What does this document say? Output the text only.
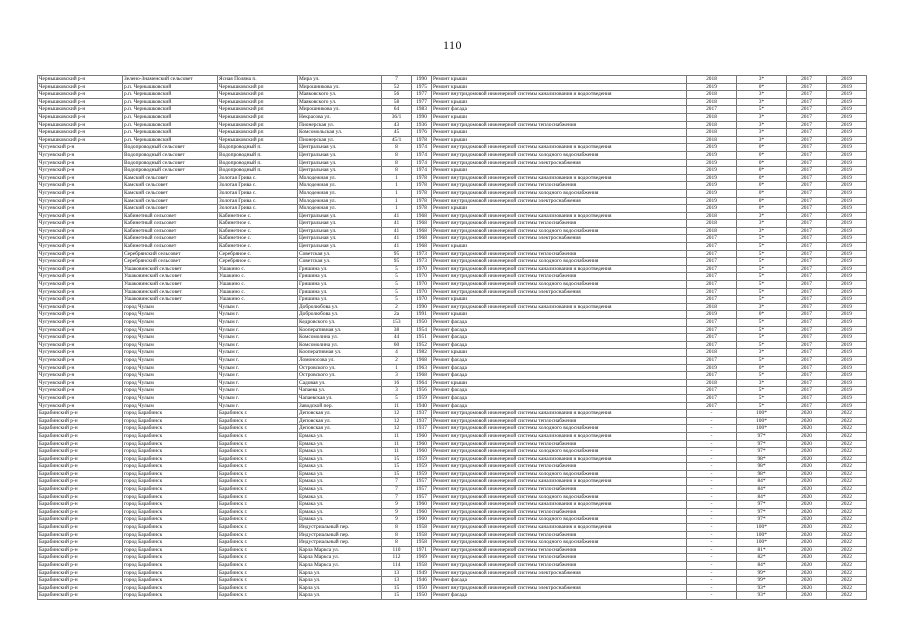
110
Чернышковский р-н	Зелено-Знаменский сельсовет	Ясная Поляна п.	Мира ул.	7	1990	Ремонт крыши	2018	3*	2017	2019
Чернышковский р-н	р.п. Чернышковский	Чернышковский рп	Мирошникова ул.	52	1975	Ремонт крыши	2019	0*	2017	2019
Чернышковский р-н	р.п. Чернышковский	Чернышковский рп	Маяковского ул.	56	1977	Ремонт внутридомовой инженерной системы канализования и водоотведения	2018	3*	2017	2019
Чернышковский р-н	р.п. Чернышковский	Чернышковский рп	Маяковского ул.	58	1977	Ремонт крыши	2018	3*	2017	2019
Чернышковский р-н	р.п. Чернышковский	Чернышковский рп	Мирошникова ул.	64	1983	Ремонт фасада	2017	5*	2017	2019
Чернышковский р-н	р.п. Чернышковский	Чернышковский рп	Некрасова ул.	36/1	1990	Ремонт крыши	2018	3*	2017	2019
Чернышковский р-н	р.п. Чернышковский	Чернышковский рп	Пионерская ул.	43	1936	Ремонт внутридомовой инженерной системы теплоснабжения	2018	3*	2017	2019
Чернышковский р-н	р.п. Чернышковский	Чернышковский рп	Комсомольская ул.	45	1976	Ремонт крыши	2018	3*	2017	2019
Чернышковский р-н	р.п. Чернышковский	Чернышковский рп	Пионерская ул.	45/1	1978	Ремонт крыши	2018	3*	2017	2019
Чугуевский р-н	Водопроводный сельсовет	Водопроводный п.	Центральная ул.	8	1974	Ремонт внутридомовой инженерной системы канализования и водоотведения	2019	0*	2017	2019
Чугуевский р-н	Водопроводный сельсовет	Водопроводный п.	Центральная ул.	8	1974	Ремонт внутридомовой инженерной системы холодного водоснабжения	2019	0*	2017	2019
Чугуевский р-н	Водопроводный сельсовет	Водопроводный п.	Центральная ул.	8	1974	Ремонт внутридомовой инженерной системы электроснабжения	2019	0*	2017	2019
Чугуевский р-н	Водопроводный сельсовет	Водопроводный п.	Центральная ул.	8	1974	Ремонт крыши	2019	0*	2017	2019
Чугуевский р-н	Камский сельсовет	Золотая Грива с.	Молодежная ул.	1	1978	Ремонт внутридомовой инженерной системы канализования и водоотведения	2019	0*	2017	2019
Чугуевский р-н	Камский сельсовет	Золотая Грива с.	Молодежная ул.	1	1978	Ремонт внутридомовой инженерной системы теплоснабжения	2019	0*	2017	2019
Чугуевский р-н	Камский сельсовет	Золотая Грива с.	Молодежная ул.	1	1978	Ремонт внутридомовой инженерной системы холодного водоснабжения	2019	0*	2017	2019
Чугуевский р-н	Камский сельсовет	Золотая Грива с.	Молодежная ул.	1	1978	Ремонт внутридомовой инженерной системы электроснабжения	2019	0*	2017	2019
Чугуевский р-н	Камский сельсовет	Золотая Грива с.	Молодежная ул.	1	1978	Ремонт крыши	2019	0*	2017	2019
Чугуевский р-н	Кабинетный сельсовет	Кабинетное с.	Центральная ул.	41	1968	Ремонт внутридомовой инженерной системы канализования и водоотведения	2018	3*	2017	2019
Чугуевский р-н	Кабинетный сельсовет	Кабинетное с.	Центральная ул.	41	1968	Ремонт внутридомовой инженерной системы теплоснабжения	2018	3*	2017	2019
Чугуевский р-н	Кабинетный сельсовет	Кабинетное с.	Центральная ул.	41	1968	Ремонт внутридомовой инженерной системы холодного водоснабжения	2018	3*	2017	2019
Чугуевский р-н	Кабинетный сельсовет	Кабинетное с.	Центральная ул.	41	1968	Ремонт внутридомовой инженерной системы электроснабжения	2017	5*	2017	2019
Чугуевский р-н	Кабинетный сельсовет	Кабинетное с.	Центральная ул.	41	1968	Ремонт крыши	2017	5*	2017	2019
Чугуевский р-н	Серебрянский сельсовет	Серебряное с.	Советская ул.	95	1973	Ремонт внутридомовой инженерной системы теплоснабжения	2017	5*	2017	2019
Чугуевский р-н	Серебрянский сельсовет	Серебряное с.	Советская ул.	95	1973	Ремонт внутридомовой инженерной системы холодного водоснабжения	2017	5*	2017	2019
Чугуевский р-н	Ушаковинский сельсовет	Ушакино с.	Гришина ул.	5	1970	Ремонт внутридомовой инженерной системы канализования и водоотведения	2017	5*	2017	2019
Чугуевский р-н	Ушаковинский сельсовет	Ушакино с.	Гришина ул.	5	1970	Ремонт внутридомовой инженерной системы теплоснабжения	2017	5*	2017	2019
Чугуевский р-н	Ушаковинский сельсовет	Ушакино с.	Гришина ул.	5	1970	Ремонт внутридомовой инженерной системы холодного водоснабжения	2017	5*	2017	2019
Чугуевский р-н	Ушаковинский сельсовет	Ушакино с.	Гришина ул.	5	1970	Ремонт внутридомовой инженерной системы электроснабжения	2017	5*	2017	2019
Чугуевский р-н	Ушаковинский сельсовет	Ушакино с.	Гришина ул.	5	1970	Ремонт крыши	2017	5*	2017	2019
Чугуевский р-н	город Чулым	Чулым г.	Добролюбова ул.	2	1990	Ремонт внутридомовой инженерной системы канализования и водоотведения	2018	3*	2017	2019
Чугуевский р-н	город Чулым	Чулым г.	Добролюбова ул.	2а	1991	Ремонт крыши	2019	0*	2017	2019
Чугуевский р-н	город Чулым	Чулым г.	Кедровского ул.	153	1950	Ремонт фасада	2017	5*	2017	2019
Чугуевский р-н	город Чулым	Чулым г.	Кооперативная ул.	38	1954	Ремонт фасада	2017	5*	2017	2019
Чугуевский р-н	город Чулым	Чулым г.	Комсомолина ул.	44	1951	Ремонт фасада	2017	5*	2017	2019
Чугуевский р-н	город Чулым	Чулым г.	Комсомолина ул.	60	1952	Ремонт фасада	2017	5*	2017	2019
Чугуевский р-н	город Чулым	Чулым г.	Кооперативная ул.	4	1982	Ремонт крыши	2018	3*	2017	2019
Чугуевский р-н	город Чулым	Чулым г.	Ломоносова ул.	2	1968	Ремонт фасада	2017	5*	2017	2019
Чугуевский р-н	город Чулым	Чулым г.	Островского ул.	1	1963	Ремонт фасада	2019	0*	2017	2019
Чугуевский р-н	город Чулым	Чулым г.	Островского ул.	3	1968	Ремонт фасада	2017	5*	2017	2019
Чугуевский р-н	город Чулым	Чулым г.	Садовая ул.	16	1964	Ремонт крыши	2018	3*	2017	2019
Чугуевский р-н	город Чулым	Чулым г.	Чапаева ул.	3	1956	Ремонт фасада	2017	5*	2017	2019
Чугуевский р-н	город Чулым	Чулым г.	Чапаевская ул.	5	1959	Ремонт фасада	2017	5*	2017	2019
Чугуевский р-н	город Чулым	Чулым г.	Заводской пер.	11	1940	Ремонт фасада	2017	5*	2017	2019
Барабинский р-н	город Барабинск	Барабинск г.	Деповская ул.	12	1937	Ремонт внутридомовой инженерной системы канализования и водоотведения	-	100*	2020	2022
Барабинский р-н	город Барабинск	Барабинск г.	Деповская ул.	12	1937	Ремонт внутридомовой инженерной системы теплоснабжения	-	100*	2020	2022
Барабинский р-н	город Барабинск	Барабинск г.	Деповская ул.	12	1937	Ремонт внутридомовой инженерной системы холодного водоснабжения	-	100*	2020	2022
Барабинский р-н	город Барабинск	Барабинск г.	Ермака ул.	11	1960	Ремонт внутридомовой инженерной системы канализования и водоотведения	-	97*	2020	2022
Барабинский р-н	город Барабинск	Барабинск г.	Ермака ул.	11	1960	Ремонт внутридомовой инженерной системы теплоснабжения	-	97*	2020	2022
Барабинский р-н	город Барабинск	Барабинск г.	Ермака ул.	11	1960	Ремонт внутридомовой инженерной системы холодного водоснабжения	-	97*	2020	2022
Барабинский р-н	город Барабинск	Барабинск г.	Ермака ул.	15	1959	Ремонт внутридомовой инженерной системы канализования и водоотведения	-	98*	2020	2022
Барабинский р-н	город Барабинск	Барабинск г.	Ермака ул.	15	1959	Ремонт внутридомовой инженерной системы теплоснабжения	-	98*	2020	2022
Барабинский р-н	город Барабинск	Барабинск г.	Ермака ул.	15	1959	Ремонт внутридомовой инженерной системы холодного водоснабжения	-	98*	2020	2022
Барабинский р-н	город Барабинск	Барабинск г.	Ермака ул.	7	1957	Ремонт внутридомовой инженерной системы канализования и водоотведения	-	84*	2020	2022
Барабинский р-н	город Барабинск	Барабинск г.	Ермака ул.	7	1957	Ремонт внутридомовой инженерной системы теплоснабжения	-	84*	2020	2022
Барабинский р-н	город Барабинск	Барабинск г.	Ермака ул.	7	1957	Ремонт внутридомовой инженерной системы холодного водоснабжения	-	84*	2020	2022
Барабинский р-н	город Барабинск	Барабинск г.	Ермака ул.	9	1960	Ремонт внутридомовой инженерной системы канализования и водоотведения	-	97*	2020	2022
Барабинский р-н	город Барабинск	Барабинск г.	Ермака ул.	9	1960	Ремонт внутридомовой инженерной системы теплоснабжения	-	97*	2020	2022
Барабинский р-н	город Барабинск	Барабинск г.	Ермака ул.	9	1960	Ремонт внутридомовой инженерной системы холодного водоснабжения	-	97*	2020	2022
Барабинский р-н	город Барабинск	Барабинск г.	Индустриальный пер.	8	1958	Ремонт внутридомовой инженерной системы канализования и водоотведения	-	100*	2020	2022
Барабинский р-н	город Барабинск	Барабинск г.	Индустриальный пер.	8	1958	Ремонт внутридомовой инженерной системы теплоснабжения	-	100*	2020	2022
Барабинский р-н	город Барабинск	Барабинск г.	Индустриальный пер.	8	1958	Ремонт внутридомовой инженерной системы холодного водоснабжения	-	100*	2020	2022
Барабинский р-н	город Барабинск	Барабинск г.	Карла Маркса ул.	110	1971	Ремонт внутридомовой инженерной системы теплоснабжения	-	81*	2020	2022
Барабинский р-н	город Барабинск	Барабинск г.	Карла Маркса ул.	112	1969	Ремонт внутридомовой инженерной системы теплоснабжения	-	82*	2020	2022
Барабинский р-н	город Барабинск	Барабинск г.	Карла Маркса ул.	114	1958	Ремонт внутридомовой инженерной системы теплоснабжения	-	84*	2020	2022
Барабинский р-н	город Барабинск	Барабинск г.	Карла ул.	13	1949	Ремонт внутридомовой инженерной системы электроснабжения	-	99*	2020	2022
Барабинский р-н	город Барабинск	Барабинск г.	Карла ул.	13	1946	Ремонт фасада	-	99*	2020	2022
Барабинский р-н	город Барабинск	Барабинск г.	Карла ул.	15	1950	Ремонт внутридомовой инженерной системы электроснабжения	-	93*	2020	2022
Барабинский р-н	город Барабинск	Барабинск г.	Карла ул.	15	1950	Ремонт фасада	-	93*	2020	2022
